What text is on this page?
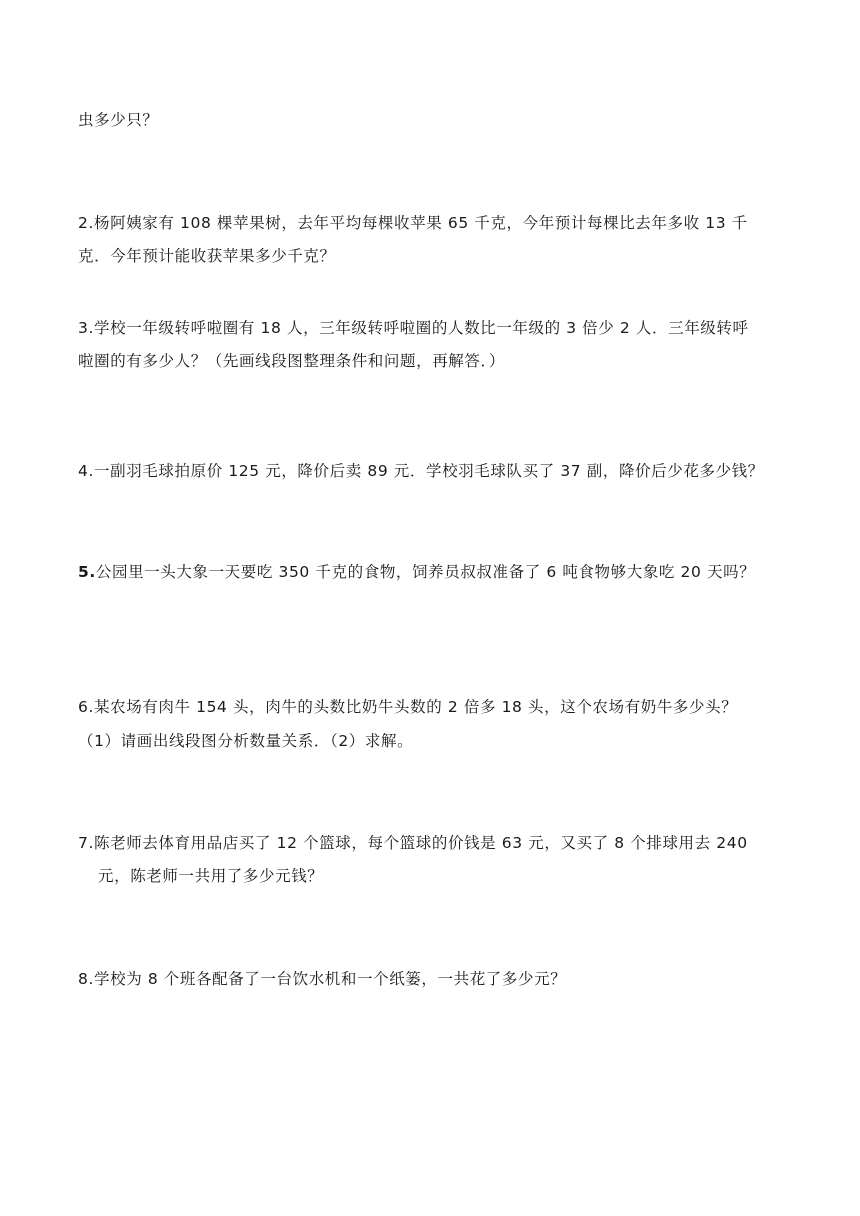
虫多少只？
2.杨阿姨家有 108 棵苹果树，去年平均每棵收苹果 65 千克，今年预计每棵比去年多收 13 千
克．今年预计能收获苹果多少千克？
3.学校一年级转呼啦圈有 18 人，三年级转呼啦圈的人数比一年级的 3 倍少 2 人．三年级转呼
啦圈的有多少人？（先画线段图整理条件和问题，再解答．）
4.一副羽毛球拍原价 125 元，降价后卖 89 元．学校羽毛球队买了 37 副，降价后少花多少钱？
5.公园里一头大象一天要吃 350 千克的食物，饲养员叔叔准备了 6 吨食物够大象吃 20 天吗？
6.某农场有肉牛 154 头，肉牛的头数比奶牛头数的 2 倍多 18 头，这个农场有奶牛多少头？
（1）请画出线段图分析数量关系．（2）求解。
7.陈老师去体育用品店买了 12 个篮球，每个篮球的价钱是 63 元，又买了 8 个排球用去 240
元，陈老师一共用了多少元钱？
8.学校为 8 个班各配备了一台饮水机和一个纸篓，一共花了多少元？
